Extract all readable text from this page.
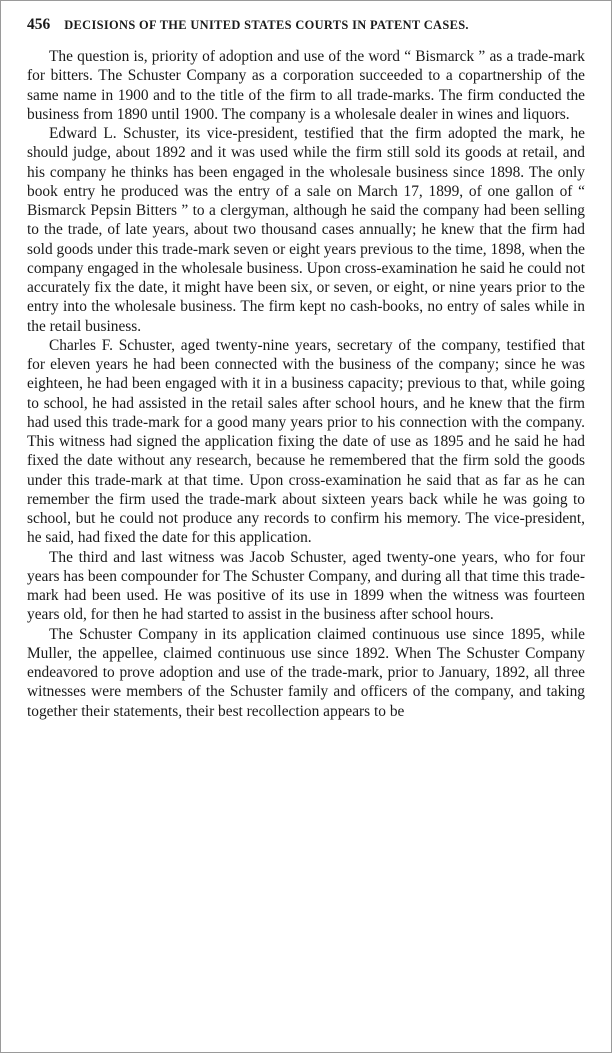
456 DECISIONS OF THE UNITED STATES COURTS IN PATENT CASES.

The question is, priority of adoption and use of the word “ Bismarck ” as a trade-mark for bitters. The Schuster Company as a corporation succeeded to a copartnership of the same name in 1900 and to the title of the firm to all trade-marks. The firm conducted the business from 1890 until 1900. The company is a wholesale dealer in wines and liquors.

Edward L. Schuster, its vice-president, testified that the firm adopted the mark, he should judge, about 1892 and it was used while the firm still sold its goods at retail, and his company he thinks has been engaged in the wholesale business since 1898. The only book entry he produced was the entry of a sale on March 17, 1899, of one gallon of “ Bismarck Pepsin Bitters ” to a clergyman, although he said the company had been selling to the trade, of late years, about two thousand cases annually; he knew that the firm had sold goods under this trade-mark seven or eight years previous to the time, 1898, when the company engaged in the wholesale business. Upon cross-examination he said he could not accurately fix the date, it might have been six, or seven, or eight, or nine years prior to the entry into the wholesale business. The firm kept no cash-books, no entry of sales while in the retail business.

Charles F. Schuster, aged twenty-nine years, secretary of the company, testified that for eleven years he had been connected with the business of the company; since he was eighteen, he had been engaged with it in a business capacity; previous to that, while going to school, he had assisted in the retail sales after school hours, and he knew that the firm had used this trade-mark for a good many years prior to his connection with the company. This witness had signed the application fixing the date of use as 1895 and he said he had fixed the date without any research, because he remembered that the firm sold the goods under this trade-mark at that time. Upon cross-examination he said that as far as he can remember the firm used the trade-mark about sixteen years back while he was going to school, but he could not produce any records to confirm his memory. The vice-president, he said, had fixed the date for this application.

The third and last witness was Jacob Schuster, aged twenty-one years, who for four years has been compounder for The Schuster Company, and during all that time this trade-mark had been used. He was positive of its use in 1899 when the witness was fourteen years old, for then he had started to assist in the business after school hours.

The Schuster Company in its application claimed continuous use since 1895, while Muller, the appellee, claimed continuous use since 1892. When The Schuster Company endeavored to prove adoption and use of the trade-mark, prior to January, 1892, all three witnesses were members of the Schuster family and officers of the company, and taking together their statements, their best recollection appears to be
